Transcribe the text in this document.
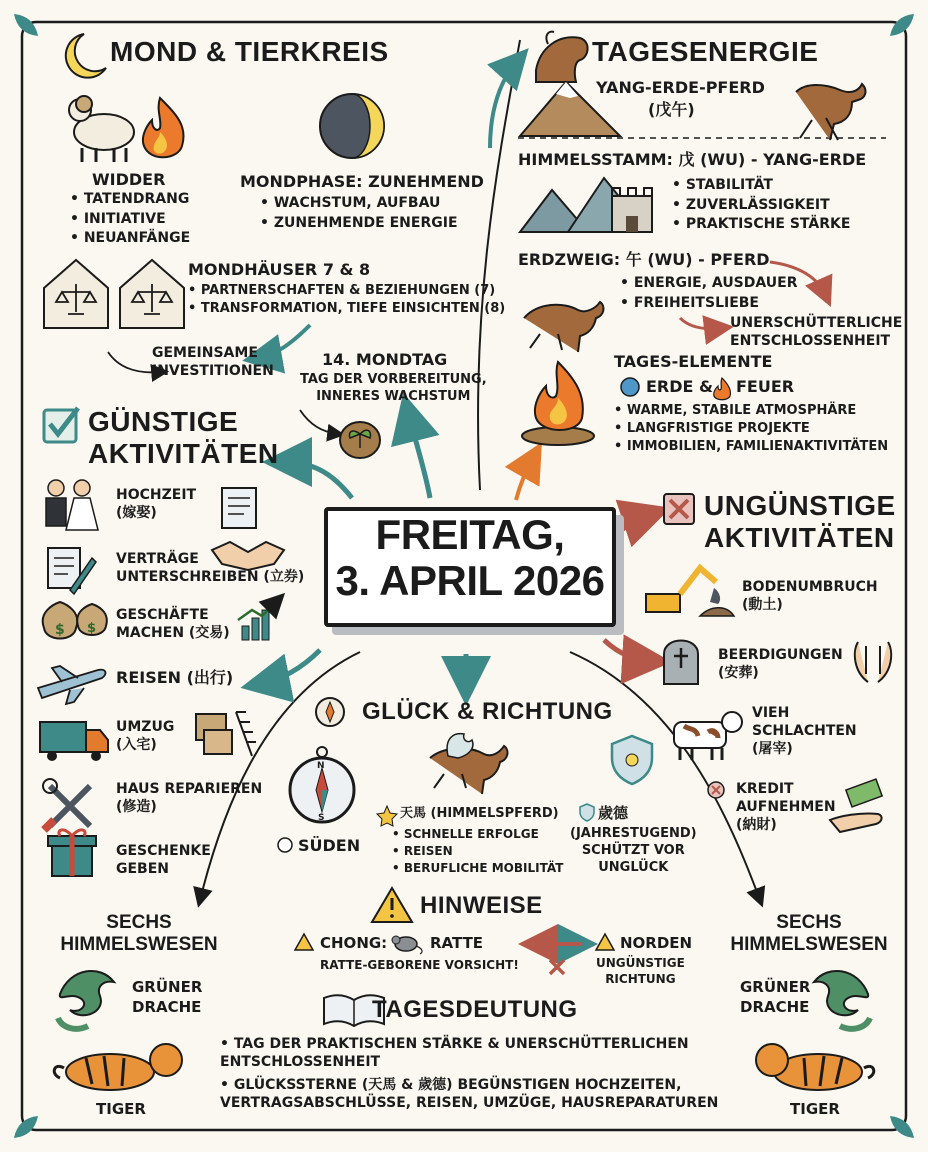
$ $
N
S
FREITAG,
3. APRIL 2026
MOND & TIERKREIS
WIDDER
• TATENDRANG
• INITIATIVE
• NEUANFÄNGE
MONDPHASE: ZUNEHMEND
• WACHSTUM, AUFBAU
• ZUNEHMENDE ENERGIE
MONDHÄUSER 7 & 8
• PARTNERSCHAFTEN & BEZIEHUNGEN (7)
• TRANSFORMATION, TIEFE EINSICHTEN (8)
GEMEINSAME
INVESTITIONEN
14. MONDTAG
TAG DER VORBEREITUNG,
INNERES WACHSTUM
TAGESENERGIE
YANG-ERDE-PFERD
(戊午)
HIMMELSSTAMM: 戊 (WU) - YANG-ERDE
• STABILITÄT
• ZUVERLÄSSIGKEIT
• PRAKTISCHE STÄRKE
ERDZWEIG: 午 (WU) - PFERD
• ENERGIE, AUSDAUER
• FREIHEITSLIEBE
UNERSCHÜTTERLICHE
ENTSCHLOSSENHEIT
TAGES-ELEMENTE
ERDE & FEUER
• WARME, STABILE ATMOSPHÄRE
• LANGFRISTIGE PROJEKTE
• IMMOBILIEN, FAMILIENAKTIVITÄTEN
GÜNSTIGE
AKTIVITÄTEN
HOCHZEIT
(嫁娶)
VERTRÄGE
UNTERSCHREIBEN (立券)
GESCHÄFTE
MACHEN (交易)
REISEN (出行)
UMZUG
(入宅)
HAUS REPARIEREN
(修造)
GESCHENKE
GEBEN
UNGÜNSTIGE
AKTIVITÄTEN
BODENUMBRUCH
(動土)
BEERDIGUNGEN
(安葬)
VIEH
SCHLACHTEN
(屠宰)
KREDIT
AUFNEHMEN
(納財)
GLÜCK & RICHTUNG
SÜDEN
天馬 (HIMMELSPFERD)
• SCHNELLE ERFOLGE
• REISEN
• BERUFLICHE MOBILITÄT
歲德
(JAHRESTUGEND)
SCHÜTZT VOR
UNGLÜCK
HINWEISE
CHONG:	RATTE
RATTE-GEBORENE VORSICHT!
NORDEN
UNGÜNSTIGE
RICHTUNG
TAGESDEUTUNG
• TAG DER PRAKTISCHEN STÄRKE & UNERSCHÜTTERLICHEN ENTSCHLOSSENHEIT
• GLÜCKSSTERNE (天馬 & 歲德) BEGÜNSTIGEN HOCHZEITEN, VERTRAGSABSCHLÜSSE, REISEN, UMZÜGE, HAUSREPARATUREN
SECHS
HIMMELSWESEN
GRÜNER
DRACHE
TIGER
SECHS
HIMMELSWESEN
GRÜNER
DRACHE
TIGER
